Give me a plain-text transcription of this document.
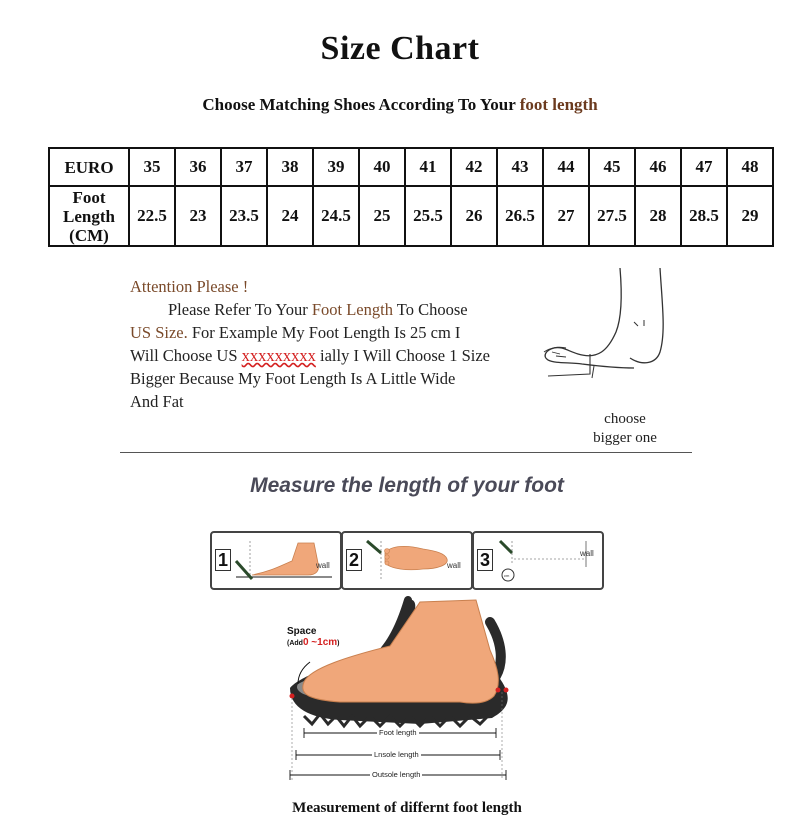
Size Chart
Choose Matching Shoes According To Your foot length
EURO	35	36	37	38	39	40	41	42	43	44	45	46	47	48

Foot
Length
(CM)	22.5	23	23.5	24	24.5	25	25.5	26	26.5	27	27.5	28	28.5	29
Attention Please !
Please Refer To Your Foot Length To Choose
US Size. For Example My Foot Length Is 25 cm I
Will Choose US xxxxxxxxx ially I Will Choose 1 Size
Bigger Because My Foot Length Is A Little Wide
And Fat
choose
bigger one
Measure the length of your foot
1	wall 2	wall 3
cm
wall
Space
(Add0 ~1cm)
Foot length
Lnsole length
Outsole length
Measurement of differnt foot length
